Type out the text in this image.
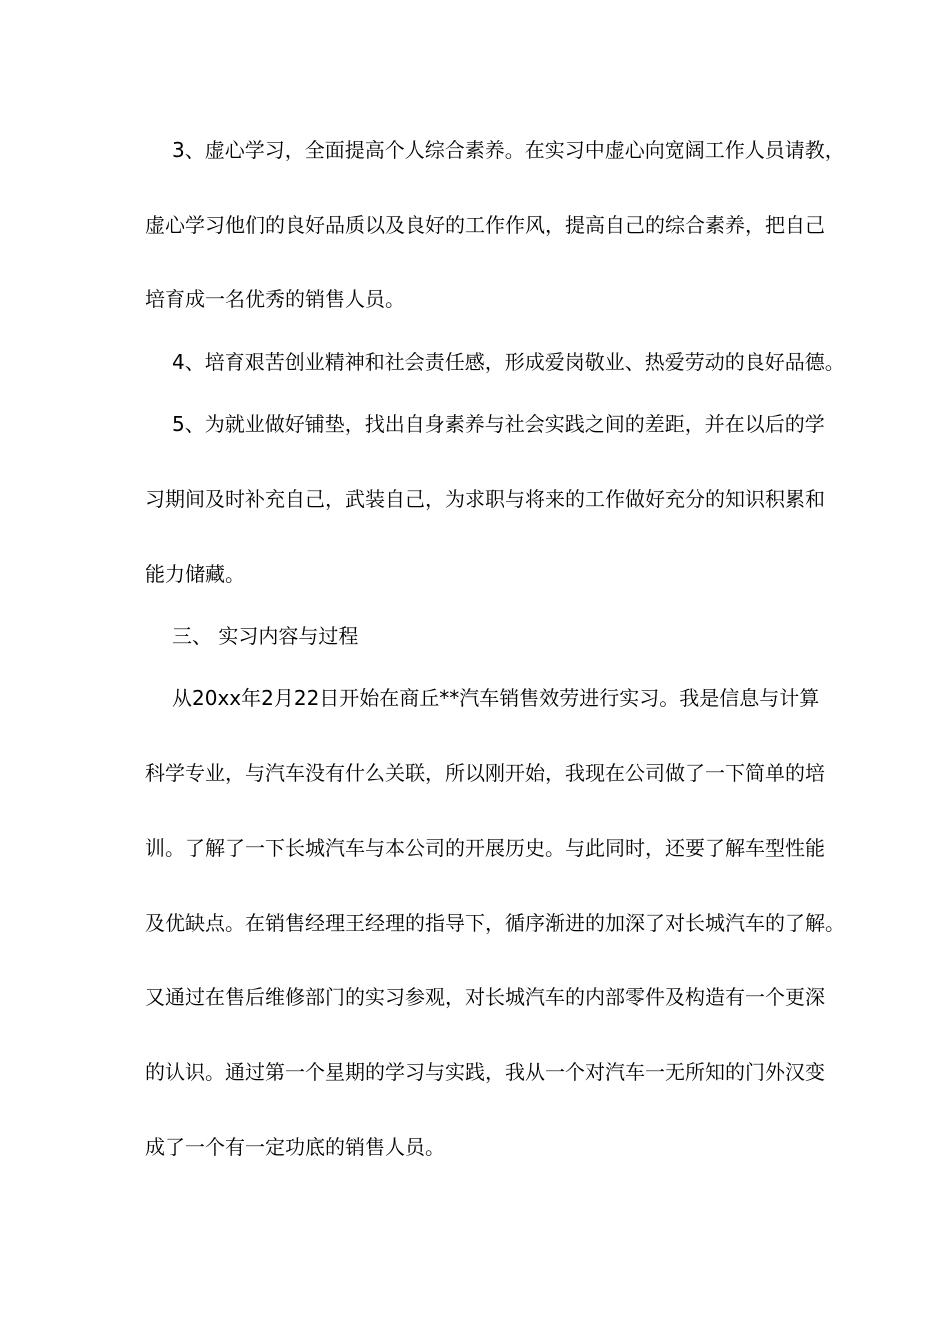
3、虚心学习，全面提高个人综合素养。在实习中虚心向宽阔工作人员请教，
虚心学习他们的良好品质以及良好的工作作风，提高自己的综合素养，把自己
培育成一名优秀的销售人员。
4、培育艰苦创业精神和社会责任感，形成爱岗敬业、热爱劳动的良好品德。
5、为就业做好铺垫，找出自身素养与社会实践之间的差距，并在以后的学
习期间及时补充自己，武装自己，为求职与将来的工作做好充分的知识积累和
能力储藏。
三、 实习内容与过程
从20xx年2月22日开始在商丘**汽车销售效劳进行实习。我是信息与计算
科学专业，与汽车没有什么关联，所以刚开始，我现在公司做了一下简单的培
训。了解了一下长城汽车与本公司的开展历史。与此同时，还要了解车型性能
及优缺点。在销售经理王经理的指导下，循序渐进的加深了对长城汽车的了解。
又通过在售后维修部门的实习参观，对长城汽车的内部零件及构造有一个更深
的认识。通过第一个星期的学习与实践，我从一个对汽车一无所知的门外汉变
成了一个有一定功底的销售人员。
